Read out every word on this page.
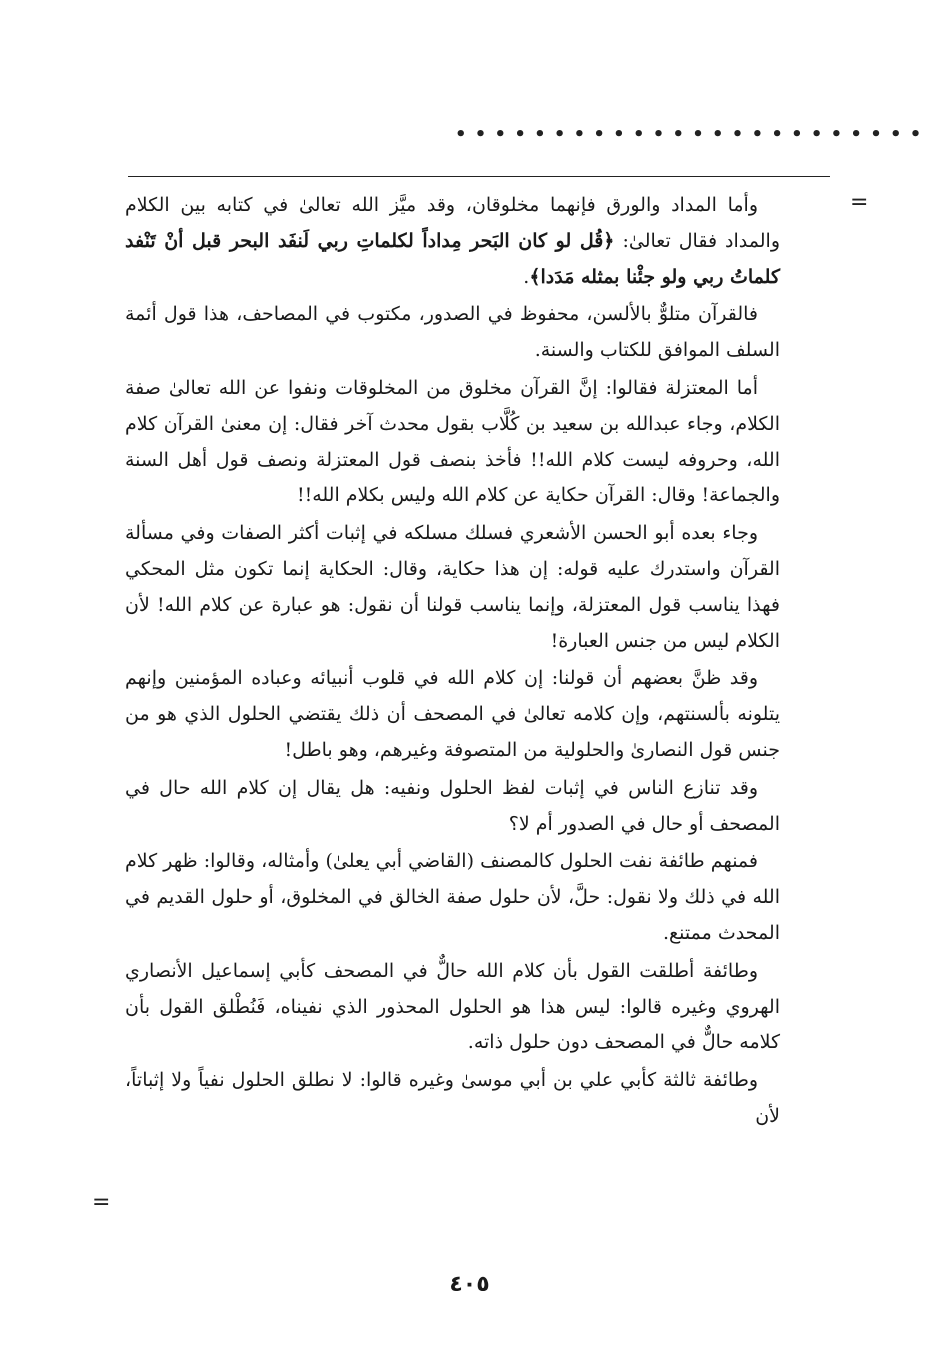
• • • • • • • • • • • • • • • • • • • • • • • •
=

وأما المداد والورق فإنهما مخلوقان، وقد ميَّز الله تعالىٰ في كتابه بين الكلام والمداد فقال تعالىٰ: ﴿قُل لو كان البَحر مِداداً لكلماتِ ربي لَنفَد البحر قبل أنْ تَنْفد كلماتُ ربي ولو جئْنا بمثله مَدَدا﴾.

فالقرآن متلوٌّ بالألسن، محفوظ في الصدور، مكتوب في المصاحف، هذا قول أئمة السلف الموافق للكتاب والسنة.

أما المعتزلة فقالوا: إنَّ القرآن مخلوق من المخلوقات ونفوا عن الله تعالىٰ صفة الكلام، وجاء عبدالله بن سعيد بن كُلَّاب بقول محدث آخر فقال: إن معنىٰ القرآن كلام الله، وحروفه ليست كلام الله!! فأخذ بنصف قول المعتزلة ونصف قول أهل السنة والجماعة! وقال: القرآن حكاية عن كلام الله وليس بكلام الله!!

وجاء بعده أبو الحسن الأشعري فسلك مسلكه في إثبات أكثر الصفات وفي مسألة القرآن واستدرك عليه قوله: إن هذا حكاية، وقال: الحكاية إنما تكون مثل المحكي فهذا يناسب قول المعتزلة، وإنما يناسب قولنا أن نقول: هو عبارة عن كلام الله! لأن الكلام ليس من جنس العبارة!

وقد ظنَّ بعضهم أن قولنا: إن كلام الله في قلوب أنبيائه وعباده المؤمنين وإنهم يتلونه بألسنتهم، وإن كلامه تعالىٰ في المصحف أن ذلك يقتضي الحلول الذي هو من جنس قول النصارىٰ والحلولية من المتصوفة وغيرهم، وهو باطل!

وقد تنازع الناس في إثبات لفظ الحلول ونفيه: هل يقال إن كلام الله حال في المصحف أو حال في الصدور أم لا؟

فمنهم طائفة نفت الحلول كالمصنف (القاضي أبي يعلىٰ) وأمثاله، وقالوا: ظهر كلام الله في ذلك ولا نقول: حلَّ، لأن حلول صفة الخالق في المخلوق، أو حلول القديم في المحدث ممتنع.

وطائفة أطلقت القول بأن كلام الله حالٌّ في المصحف كأبي إسماعيل الأنصاري الهروي وغيره قالوا: ليس هذا هو الحلول المحذور الذي نفيناه، فَنُطْلق القول بأن كلامه حالٌّ في المصحف دون حلول ذاته.

وطائفة ثالثة كأبي علي بن أبي موسىٰ وغيره قالوا: لا نطلق الحلول نفياً ولا إثباتاً، لأن

=
٤٠٥
